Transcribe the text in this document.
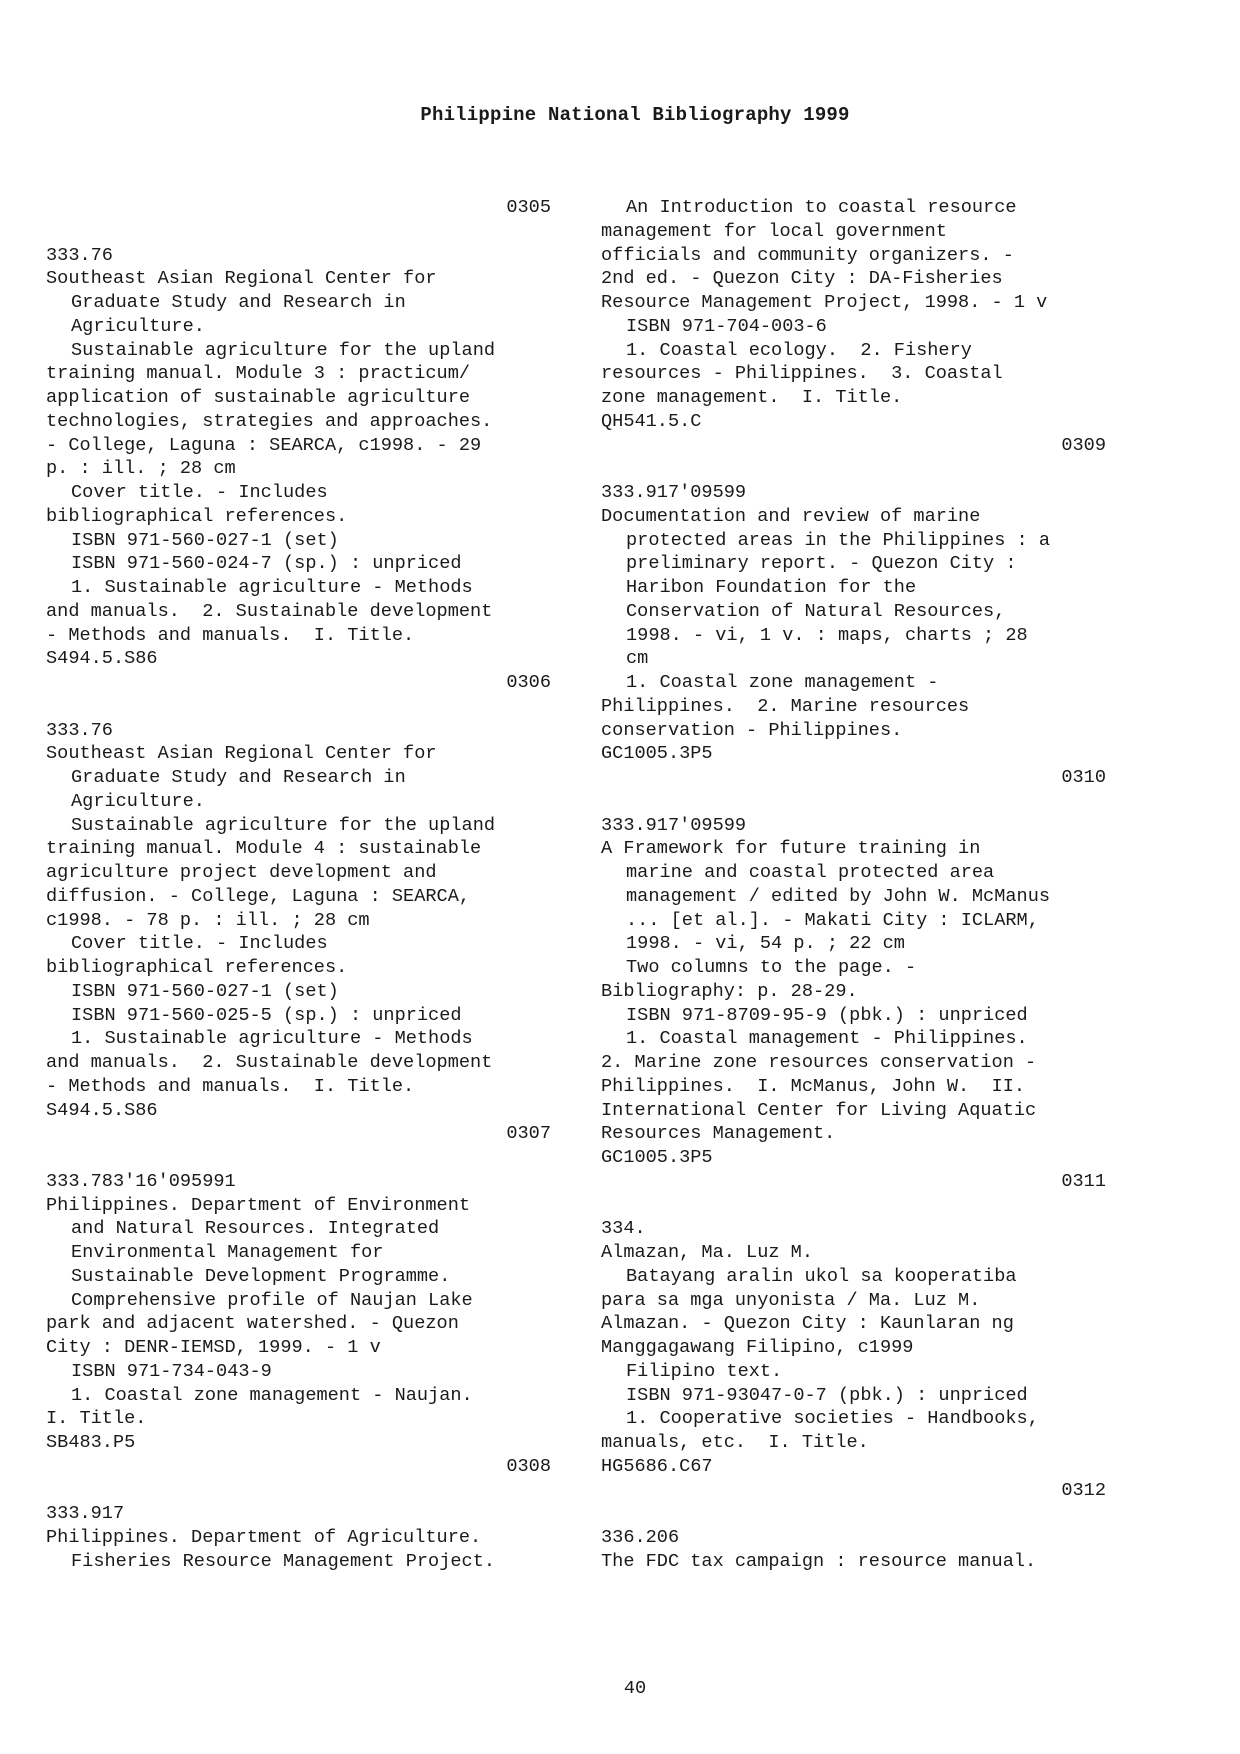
Philippine National Bibliography 1999
0305
333.76
Southeast Asian Regional Center for
Graduate Study and Research in
Agriculture.
Sustainable agriculture for the upland
training manual. Module 3 : practicum/
application of sustainable agriculture
technologies, strategies and approaches.
- College, Laguna : SEARCA, c1998. - 29
p. : ill. ; 28 cm
Cover title. - Includes
bibliographical references.
ISBN 971-560-027-1 (set)
ISBN 971-560-024-7 (sp.) : unpriced
1. Sustainable agriculture - Methods
and manuals.  2. Sustainable development
- Methods and manuals.  I. Title.
S494.5.S86
0306
333.76
Southeast Asian Regional Center for
Graduate Study and Research in
Agriculture.
Sustainable agriculture for the upland
training manual. Module 4 : sustainable
agriculture project development and
diffusion. - College, Laguna : SEARCA,
c1998. - 78 p. : ill. ; 28 cm
Cover title. - Includes
bibliographical references.
ISBN 971-560-027-1 (set)
ISBN 971-560-025-5 (sp.) : unpriced
1. Sustainable agriculture - Methods
and manuals.  2. Sustainable development
- Methods and manuals.  I. Title.
S494.5.S86
0307
333.783'16'095991
Philippines. Department of Environment
and Natural Resources. Integrated
Environmental Management for
Sustainable Development Programme.
Comprehensive profile of Naujan Lake
park and adjacent watershed. - Quezon
City : DENR-IEMSD, 1999. - 1 v
ISBN 971-734-043-9
1. Coastal zone management - Naujan.
I. Title.
SB483.P5
0308
333.917
Philippines. Department of Agriculture.
Fisheries Resource Management Project.
An Introduction to coastal resource
management for local government
officials and community organizers. -
2nd ed. - Quezon City : DA-Fisheries
Resource Management Project, 1998. - 1 v
ISBN 971-704-003-6
1. Coastal ecology.  2. Fishery
resources - Philippines.  3. Coastal
zone management.  I. Title.
QH541.5.C
0309
333.917'09599
Documentation and review of marine
protected areas in the Philippines : a
preliminary report. - Quezon City :
Haribon Foundation for the
Conservation of Natural Resources,
1998. - vi, 1 v. : maps, charts ; 28
cm
1. Coastal zone management -
Philippines.  2. Marine resources
conservation - Philippines.
GC1005.3P5
0310
333.917'09599
A Framework for future training in
marine and coastal protected area
management / edited by John W. McManus
... [et al.]. - Makati City : ICLARM,
1998. - vi, 54 p. ; 22 cm
Two columns to the page. -
Bibliography: p. 28-29.
ISBN 971-8709-95-9 (pbk.) : unpriced
1. Coastal management - Philippines.
2. Marine zone resources conservation -
Philippines.  I. McManus, John W.  II.
International Center for Living Aquatic
Resources Management.
GC1005.3P5
0311
334.
Almazan, Ma. Luz M.
Batayang aralin ukol sa kooperatiba
para sa mga unyonista / Ma. Luz M.
Almazan. - Quezon City : Kaunlaran ng
Manggagawang Filipino, c1999
Filipino text.
ISBN 971-93047-0-7 (pbk.) : unpriced
1. Cooperative societies - Handbooks,
manuals, etc.  I. Title.
HG5686.C67
0312
336.206
The FDC tax campaign : resource manual.
40
